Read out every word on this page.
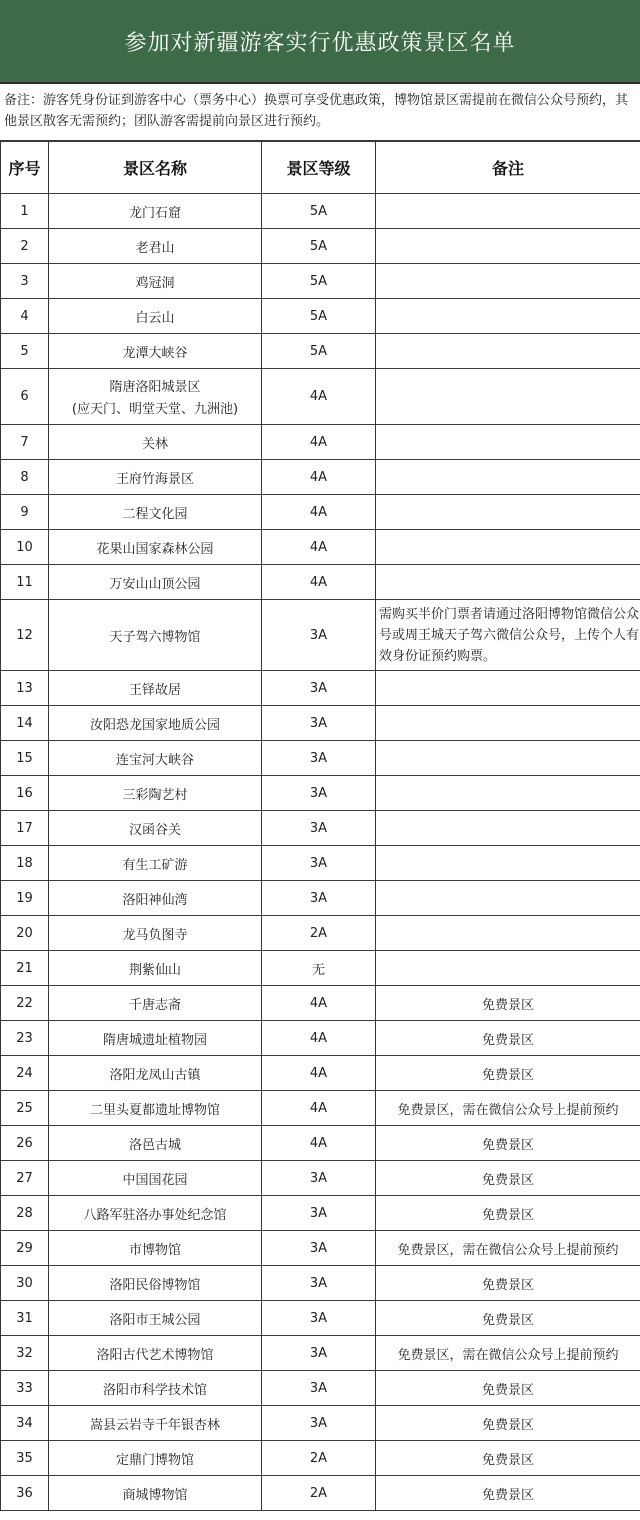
参加对新疆游客实行优惠政策景区名单
备注：游客凭身份证到游客中心（票务中心）换票可享受优惠政策，博物馆景区需提前在微信公众号预约，其他景区散客无需预约；团队游客需提前向景区进行预约。
序号	景区名称	景区等级	备注
1	龙门石窟	5A	
2	老君山	5A	
3	鸡冠洞	5A	
4	白云山	5A	
5	龙潭大峡谷	5A	
6	隋唐洛阳城景区
(应天门、明堂天堂、九洲池)	4A	
7	关林	4A	
8	王府竹海景区	4A	
9	二程文化园	4A	
10	花果山国家森林公园	4A	
11	万安山山顶公园	4A	
12	天子驾六博物馆	3A	需购买半价门票者请通过洛阳博物馆微信公众号或周王城天子驾六微信公众号，上传个人有效身份证预约购票。
13	王铎故居	3A	
14	汝阳恐龙国家地质公园	3A	
15	连宝河大峡谷	3A	
16	三彩陶艺村	3A	
17	汉函谷关	3A	
18	有生工矿游	3A	
19	洛阳神仙湾	3A	
20	龙马负图寺	2A	
21	荆紫仙山	无	
22	千唐志斋	4A	免费景区
23	隋唐城遗址植物园	4A	免费景区
24	洛阳龙凤山古镇	4A	免费景区
25	二里头夏都遗址博物馆	4A	免费景区，需在微信公众号上提前预约
26	洛邑古城	4A	免费景区
27	中国国花园	3A	免费景区
28	八路军驻洛办事处纪念馆	3A	免费景区
29	市博物馆	3A	免费景区，需在微信公众号上提前预约
30	洛阳民俗博物馆	3A	免费景区
31	洛阳市王城公园	3A	免费景区
32	洛阳古代艺术博物馆	3A	免费景区，需在微信公众号上提前预约
33	洛阳市科学技术馆	3A	免费景区
34	嵩县云岩寺千年银杏林	3A	免费景区
35	定鼎门博物馆	2A	免费景区
36	商城博物馆	2A	免费景区
